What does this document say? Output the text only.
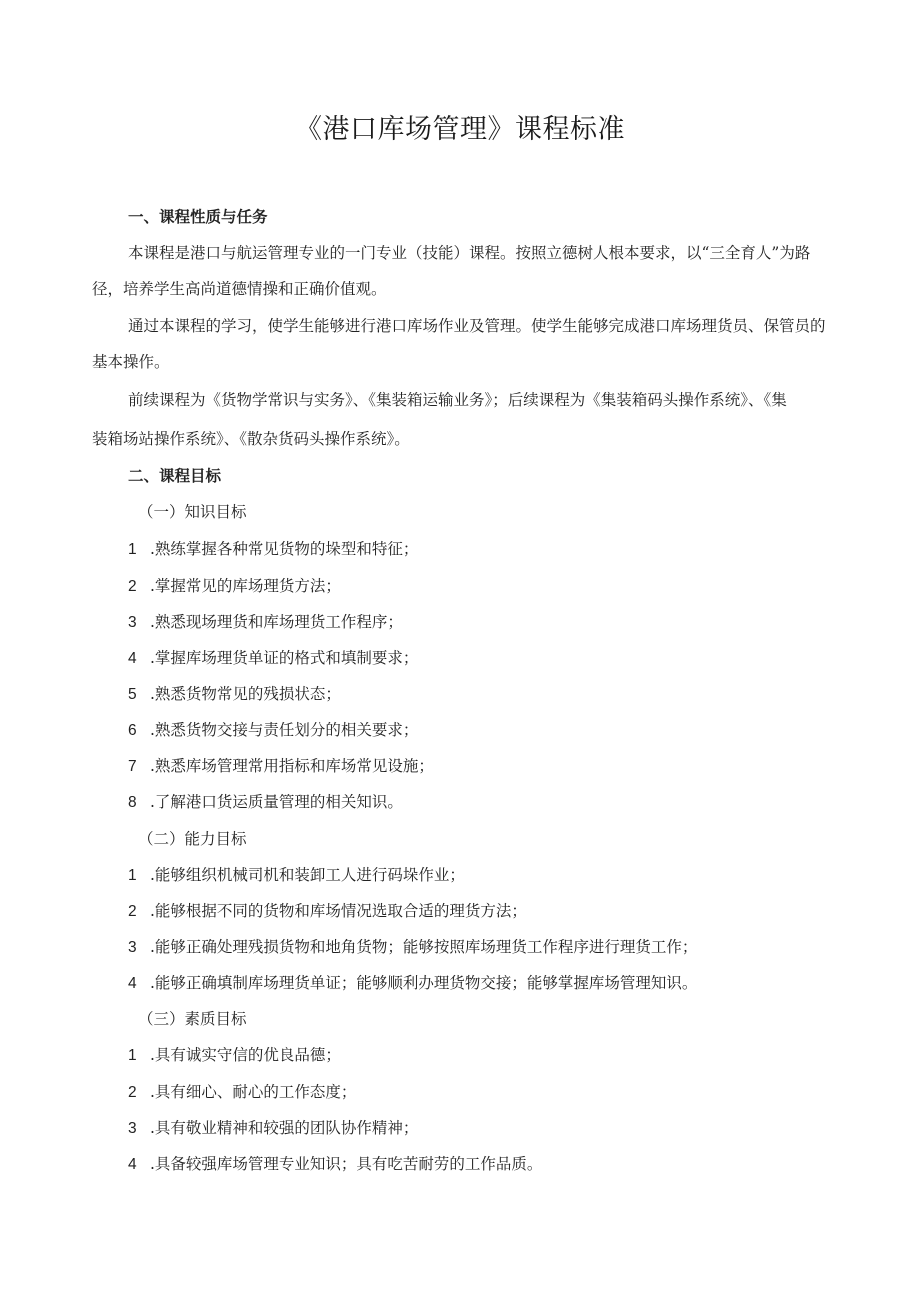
《港口库场管理》课程标准
一、课程性质与任务
本课程是港口与航运管理专业的一门专业（技能）课程。按照立德树人根本要求，以“三全育人”为路
径，培养学生高尚道德情操和正确价值观。
通过本课程的学习，使学生能够进行港口库场作业及管理。使学生能够完成港口库场理货员、保管员的
基本操作。
前续课程为《货物学常识与实务》、《集装箱运输业务》；后续课程为《集装箱码头操作系统》、《集
装箱场站操作系统》、《散杂货码头操作系统》。
二、课程目标
（一）知识目标
1 .熟练掌握各种常见货物的垛型和特征；
2 .掌握常见的库场理货方法；
3 .熟悉现场理货和库场理货工作程序；
4 .掌握库场理货单证的格式和填制要求；
5 .熟悉货物常见的残损状态；
6 .熟悉货物交接与责任划分的相关要求；
7 .熟悉库场管理常用指标和库场常见设施；
8 .了解港口货运质量管理的相关知识。
（二）能力目标
1 .能够组织机械司机和装卸工人进行码垛作业；
2 .能够根据不同的货物和库场情况选取合适的理货方法；
3 .能够正确处理残损货物和地角货物；能够按照库场理货工作程序进行理货工作；
4 .能够正确填制库场理货单证；能够顺利办理货物交接；能够掌握库场管理知识。
（三）素质目标
1 .具有诚实守信的优良品德；
2 .具有细心、耐心的工作态度；
3 .具有敬业精神和较强的团队协作精神；
4 .具备较强库场管理专业知识；具有吃苦耐劳的工作品质。
